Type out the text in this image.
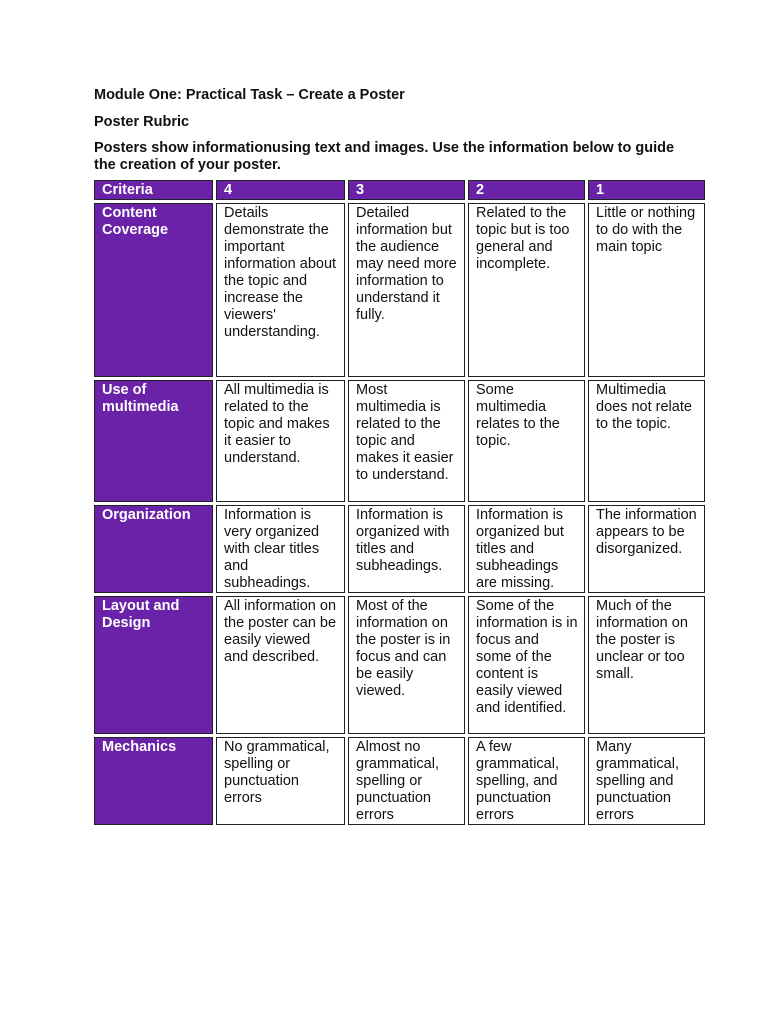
Module One: Practical Task – Create a Poster

Poster Rubric

Posters show informationusing text and images. Use the information below to guide the creation of your poster.

Criteria	4	3	2	1
Content Coverage	Details demonstrate the important information about the topic and increase the viewers' understanding.	Detailed information but the audience may need more information to understand it fully.	Related to the topic but is too general and incomplete.	Little or nothing to do with the main topic
Use of multimedia	All multimedia is related to the topic and makes it easier to understand.	Most multimedia is related to the topic and makes it easier to understand.	Some multimedia relates to the topic.	Multimedia does not relate to the topic.
Organization	Information is very organized with clear titles and subheadings.	Information is organized with titles and subheadings.	Information is organized but titles and subheadings are missing.	The information appears to be disorganized.
Layout and Design	All information on the poster can be easily viewed and described.	Most of the information on the poster is in focus and can be easily viewed.	Some of the information is in focus and some of the content is easily viewed and identified.	Much of the information on the poster is unclear or too small.
Mechanics	No grammatical, spelling or punctuation errors	Almost no grammatical, spelling or punctuation errors	A few grammatical, spelling, and punctuation errors	Many grammatical, spelling and punctuation errors
